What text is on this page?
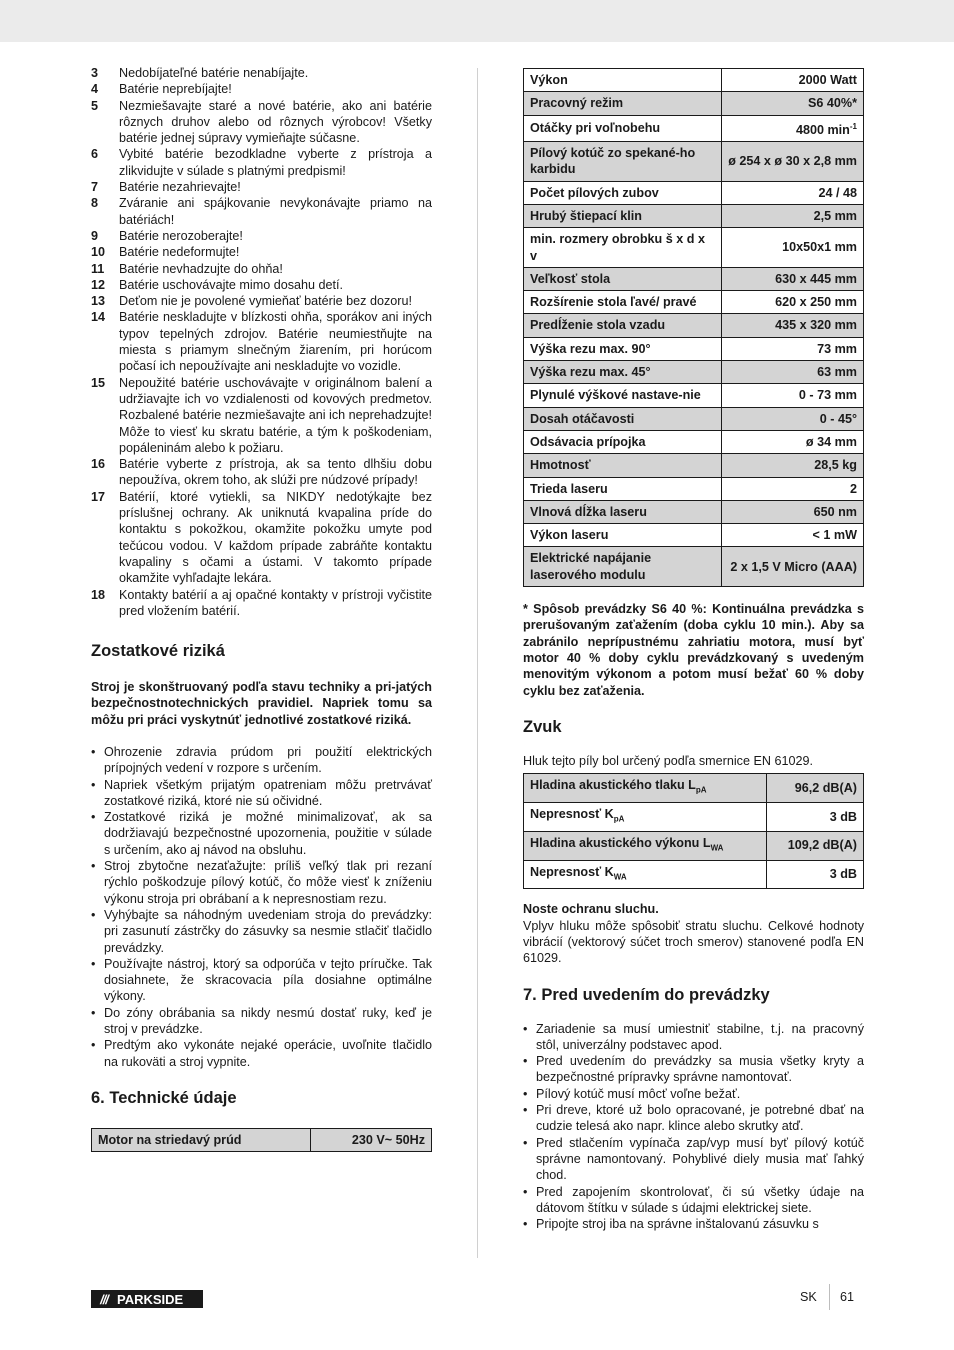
3	Nedobíjateľné batérie nenabíjajte.
4	Batérie neprebíjajte!
5	Nezmiešavajte staré a nové batérie, ako ani batérie rôznych druhov alebo od rôznych výrobcov! Všetky batérie jednej súpravy vymieňajte súčasne.
6	Vybité batérie bezodkladne vyberte z prístroja a zlikvidujte v súlade s platnými predpismi!
7	Batérie nezahrievajte!
8	Zváranie ani spájkovanie nevykonávajte priamo na batériách!
9	Batérie nerozoberajte!
10	Batérie nedeformujte!
11	Batérie nevhadzujte do ohňa!
12	Batérie uschovávajte mimo dosahu detí.
13	Deťom nie je povolené vymieňať batérie bez dozoru!
14	Batérie neskladujte v blízkosti ohňa, sporákov ani iných typov tepelných zdrojov. Batérie neumiestňujte na miesta s priamym slnečným žiarením, pri horúcom počasí ich nepoužívajte ani neskladujte vo vozidle.
15	Nepoužité batérie uschovávajte v originálnom balení a udržiavajte ich vo vzdialenosti od kovových predmetov. Rozbalené batérie nezmiešavajte ani ich neprehadzujte! Môže to viesť ku skratu batérie, a tým k poškodeniam, popáleninám alebo k požiaru.
16	Batérie vyberte z prístroja, ak sa tento dlhšiu dobu nepoužíva, okrem toho, ak slúži pre núdzové prípady!
17	Batérií, ktoré vytiekli, sa NIKDY nedotýkajte bez príslušnej ochrany. Ak uniknutá kvapalina príde do kontaktu s pokožkou, okamžite pokožku umyte pod tečúcou vodou. V každom prípade zabráňte kontaktu kvapaliny s očami a ústami. V takomto prípade okamžite vyhľadajte lekára.
18	Kontakty batérií a aj opačné kontakty v prístroji vyčistite pred vložením batérií.
Zostatkové riziká

Stroj je skonštruovaný podľa stavu techniky a pri-jatých bezpečnostnotechnických pravidiel. Napriek tomu sa môžu pri práci vyskytnúť jednotlivé zostatkové riziká.

• Ohrozenie zdravia prúdom pri použití elektrických prípojných vedení v rozpore s určením.
• Napriek všetkým prijatým opatreniam môžu pretrvávať zostatkové riziká, ktoré nie sú očividné.
• Zostatkové riziká je možné minimalizovať, ak sa dodržiavajú bezpečnostné upozornenia, použitie v súlade s určením, ako aj návod na obsluhu.
• Stroj zbytočne nezaťažujte: príliš veľký tlak pri rezaní rýchlo poškodzuje pílový kotúč, čo môže viesť k zníženiu výkonu stroja pri obrábaní a k nepresnostiam rezu.
• Vyhýbajte sa náhodným uvedeniam stroja do prevádzky: pri zasunutí zástrčky do zásuvky sa nesmie stlačiť tlačidlo prevádzky.
• Používajte nástroj, ktorý sa odporúča v tejto príručke. Tak dosiahnete, že skracovacia píla dosiahne optimálne výkony.
• Do zóny obrábania sa nikdy nesmú dostať ruky, keď je stroj v prevádzke.
• Predtým ako vykonáte nejaké operácie, uvoľnite tlačidlo na rukoväti a stroj vypnite.
6. Technické údaje
Motor na striedavý prúd	230 V~ 50Hz
Výkon	2000 Watt
Pracovný režim	S6 40%*
Otáčky pri voľnobehu	4800 $\min^{-1}$
Pílový kotúč zo spekané-ho karbidu	ø 254 x ø 30 x 2,8 mm
Počet pílových zubov	24 / 48
Hrubý štiepací klin	2,5 mm
min. rozmery obrobku š x d x v	10x50x1 mm
Veľkosť stola	630 x 445 mm
Rozšírenie stola ľavé/ pravé	620 x 250 mm
Predĺženie stola vzadu	435 x 320 mm
Výška rezu max. 90°	73 mm
Výška rezu max. 45°	63 mm
Plynulé výškové nastave-nie	0 - 73 mm
Dosah otáčavosti	0 - 45°
Odsávacia prípojka	ø 34 mm
Hmotnosť	28,5 kg
Trieda laseru	2
Vlnová dĺžka laseru	650 nm
Výkon laseru	< 1 mW
Elektrické napájanie laserového modulu	2 x 1,5 V Micro (AAA)

* Spôsob prevádzky S6 40 %: Kontinuálna prevádzka s prerušovaným zaťažením (doba cyklu 10 min.). Aby sa zabránilo neprípustnému zahriatiu motora, musí byť motor 40 % doby cyklu prevádzkovaný s uvedeným menovitým výkonom a potom musí bežať 60 % doby cyklu bez zaťaženia.

Zvuk

Hluk tejto píly bol určený podľa smernice EN 61029.

Hladina akustického tlaku $L_{pA}$	96,2 dB(A)
Nepresnosť $K_{pA}$	3 dB
Hladina akustického výkonu $L_{WA}$	109,2 dB(A)
Nepresnosť $K_{WA}$	3 dB

Noste ochranu sluchu.

Vplyv hluku môže spôsobiť stratu sluchu. Celkové hodnoty vibrácií (vektorový súčet troch smerov) stanovené podľa EN 61029.

7. Pred uvedením do prevádzky
• Zariadenie sa musí umiestniť stabilne, t.j. na pracovný stôl, univerzálny podstavec apod.
• Pred uvedením do prevádzky sa musia všetky kryty a bezpečnostné prípravky správne namontovať.
• Pílový kotúč musí môcť voľne bežať.
• Pri dreve, ktoré už bolo opracované, je potrebné dbať na cudzie telesá ako napr. klince alebo skrutky atď.
• Pred stlačením vypínača zap/vyp musí byť pílový kotúč správne namontovaný. Pohyblivé diely musia mať ľahký chod.
• Pred zapojením skontrolovať, či sú všetky údaje na dátovom štítku v súlade s údajmi elektrickej siete.
• Pripojte stroj iba na správne inštalovanú zásuvku s
/// PARKSIDE	SK 61
